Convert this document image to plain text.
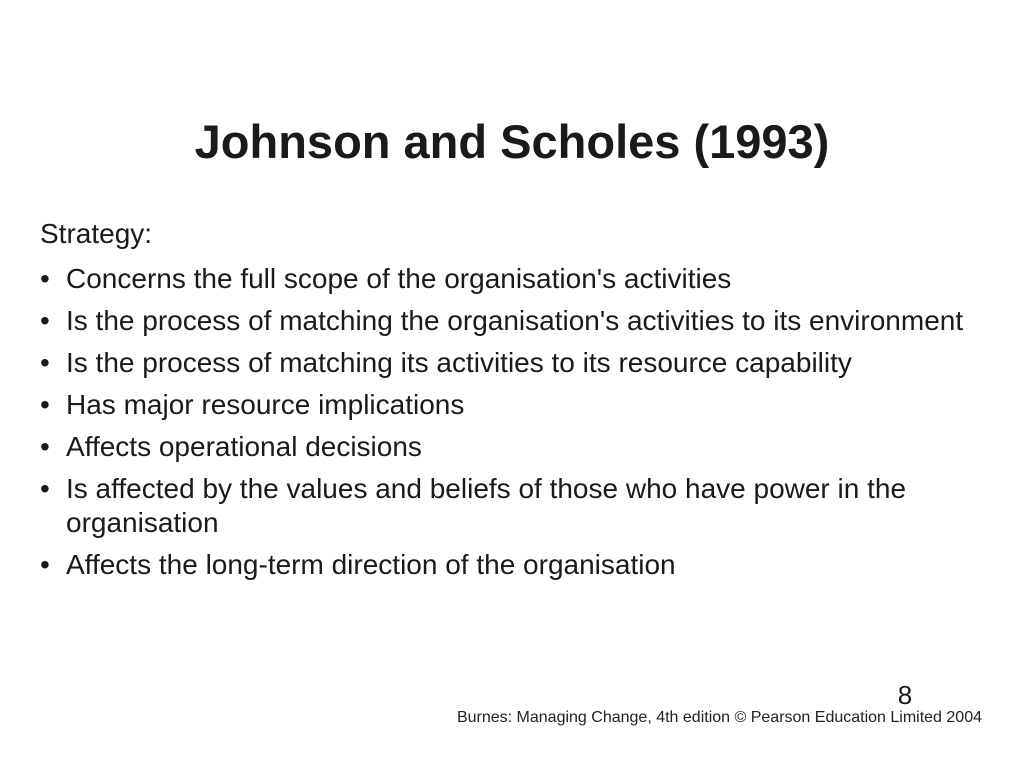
Johnson and Scholes (1993)

Strategy:

• Concerns the full scope of the organisation's activities
• Is the process of matching the organisation's activities to its environment
• Is the process of matching its activities to its resource capability
• Has major resource implications
• Affects operational decisions
• Is affected by the values and beliefs of those who have power in the organisation
• Affects the long-term direction of the organisation
8
Burnes: Managing Change, 4th edition © Pearson Education Limited 2004
